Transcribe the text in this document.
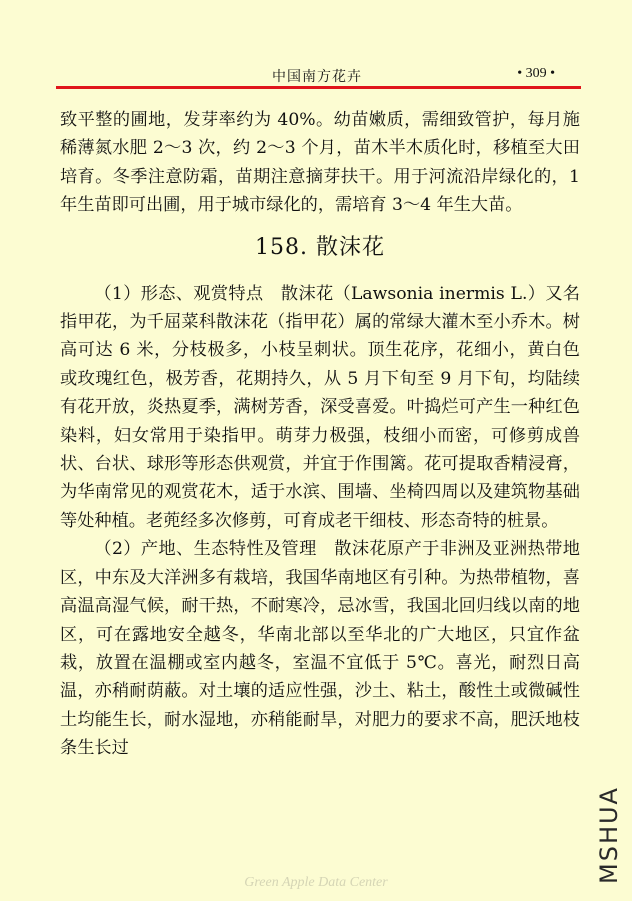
中国南方花卉	• 309 •

致平整的圃地，发芽率约为 40%。幼苗嫩质，需细致管护，每月施稀薄氮水肥 2～3 次，约 2～3 个月，苗木半木质化时，移植至大田培育。冬季注意防霜，苗期注意摘芽扶干。用于河流沿岸绿化的，1 年生苗即可出圃，用于城市绿化的，需培育 3～4 年生大苗。

158. 散沫花

（1）形态、观赏特点　散沫花（Lawsonia inermis L.）又名指甲花，为千屈菜科散沫花（指甲花）属的常绿大灌木至小乔木。树高可达 6 米，分枝极多，小枝呈刺状。顶生花序，花细小，黄白色或玫瑰红色，极芳香，花期持久，从 5 月下旬至 9 月下旬，均陆续有花开放，炎热夏季，满树芳香，深受喜爱。叶捣烂可产生一种红色染料，妇女常用于染指甲。萌芽力极强，枝细小而密，可修剪成兽状、台状、球形等形态供观赏，并宜于作围篱。花可提取香精浸膏，为华南常见的观赏花木，适于水滨、围墙、坐椅四周以及建筑物基础等处种植。老蔸经多次修剪，可育成老干细枝、形态奇特的桩景。

（2）产地、生态特性及管理　散沫花原产于非洲及亚洲热带地区，中东及大洋洲多有栽培，我国华南地区有引种。为热带植物，喜高温高湿气候，耐干热，不耐寒冷，忌冰雪，我国北回归线以南的地区，可在露地安全越冬，华南北部以至华北的广大地区，只宜作盆栽，放置在温棚或室内越冬，室温不宜低于 5℃。喜光，耐烈日高温，亦稍耐荫蔽。对土壤的适应性强，沙土、粘土，酸性土或微碱性土均能生长，耐水湿地，亦稍能耐旱，对肥力的要求不高，肥沃地枝条生长过

MSHUA
Green Apple Data Center
